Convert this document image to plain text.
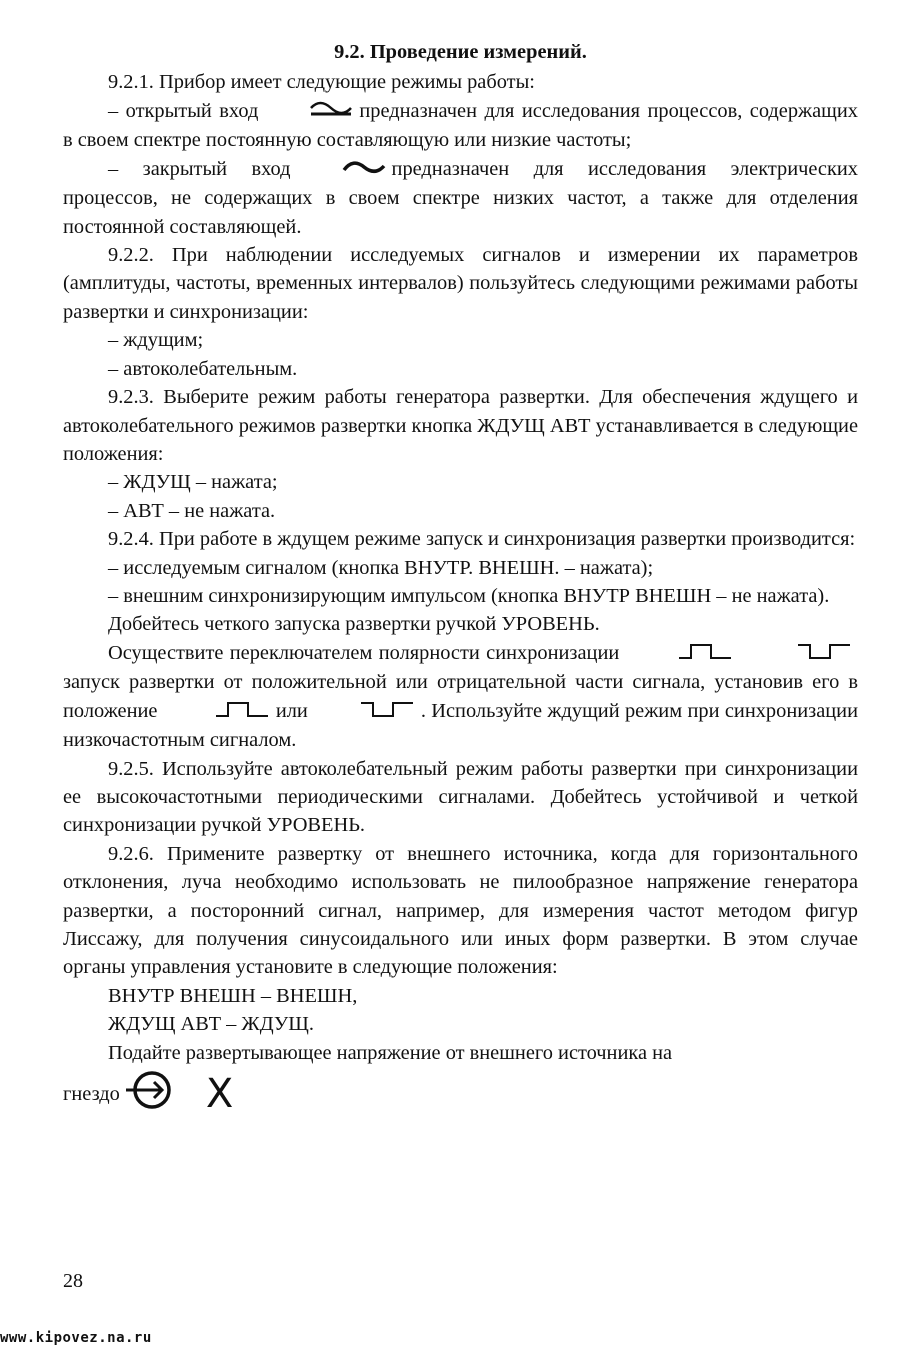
9.2. Проведение измерений.

9.2.1. Прибор имеет следующие режимы работы:

– открытый вход	предназначен для исследования процессов, содержащих в своем спектре постоянную составляющую или низкие частоты;

– закрытый вход	предназначен для исследования электрических процессов, не содержащих в своем спектре низких частот, а также для отделения постоянной составляющей.

9.2.2. При наблюдении исследуемых сигналов и измерении их параметров (амплитуды, частоты, временных интервалов) пользуйтесь следующими режимами работы развертки и синхронизации:

– ждущим;

– автоколебательным.

9.2.3. Выберите режим работы генератора развертки. Для обеспечения ждущего и автоколебательного режимов развертки кнопка ЖДУЩ АВТ устанавливается в следующие положения:

– ЖДУЩ – нажата;

– АВТ – не нажата.

9.2.4. При работе в ждущем режиме запуск и синхронизация развертки производится:

– исследуемым сигналом (кнопка ВНУТР. ВНЕШН. – нажата);

– внешним синхронизирующим импульсом (кнопка ВНУТР ВНЕШН – не нажата).

Добейтесь четкого запуска развертки ручкой УРОВЕНЬ.

Осуществите переключателем полярности синхронизации   запуск развертки от положительной или отрицательной части сигнала, установив его в положение	или	. Используйте ждущий режим при синхронизации низкочастотным сигналом.

9.2.5. Используйте автоколебательный режим работы развертки при синхронизации ее высокочастотными периодическими сигналами. Добейтесь устойчивой и четкой синхронизации ручкой УРОВЕНЬ.

9.2.6. Примените развертку от внешнего источника, когда для горизонтального отклонения, луча необходимо использовать не пилообразное напряжение генератора развертки, а посторонний сигнал, например, для измерения частот методом фигур Лиссажу, для получения синусоидального или иных форм развертки. В этом случае органы управления установите в следующие положения:

ВНУТР ВНЕШН – ВНЕШН,

ЖДУЩ АВТ – ЖДУЩ.

Подайте развертывающее напряжение от внешнего источника на

гнездо X
28
www.kipovez.na.ru
